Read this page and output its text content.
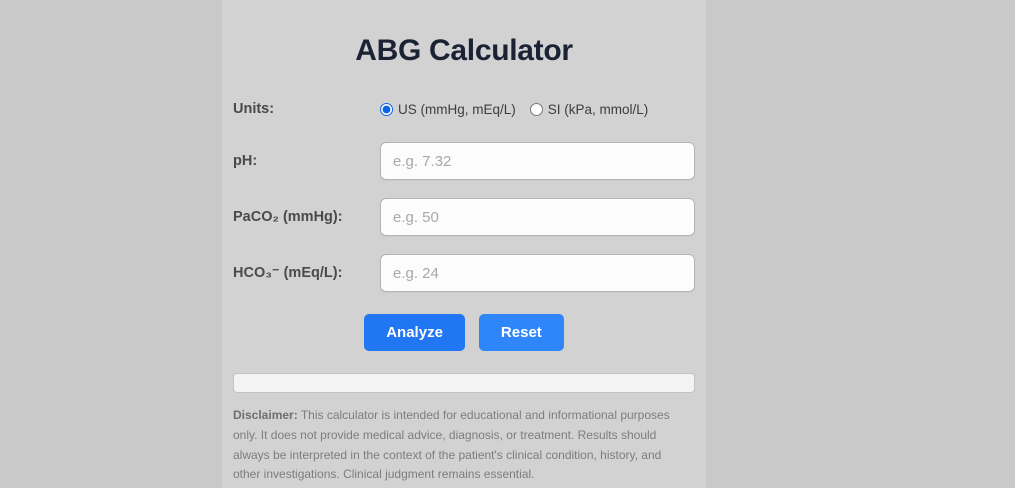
ABG Calculator
Units:	US (mmHg, mEq/L) SI (kPa, mmol/L)
pH:
e.g. 7.32
PaCO₂ (mmHg):
e.g. 50
HCO₃⁻ (mEq/L):
e.g. 24
Analyze	Reset
Disclaimer: This calculator is intended for educational and informational purposes only. It does not provide medical advice, diagnosis, or treatment. Results should always be interpreted in the context of the patient's clinical condition, history, and other investigations. Clinical judgment remains essential.
